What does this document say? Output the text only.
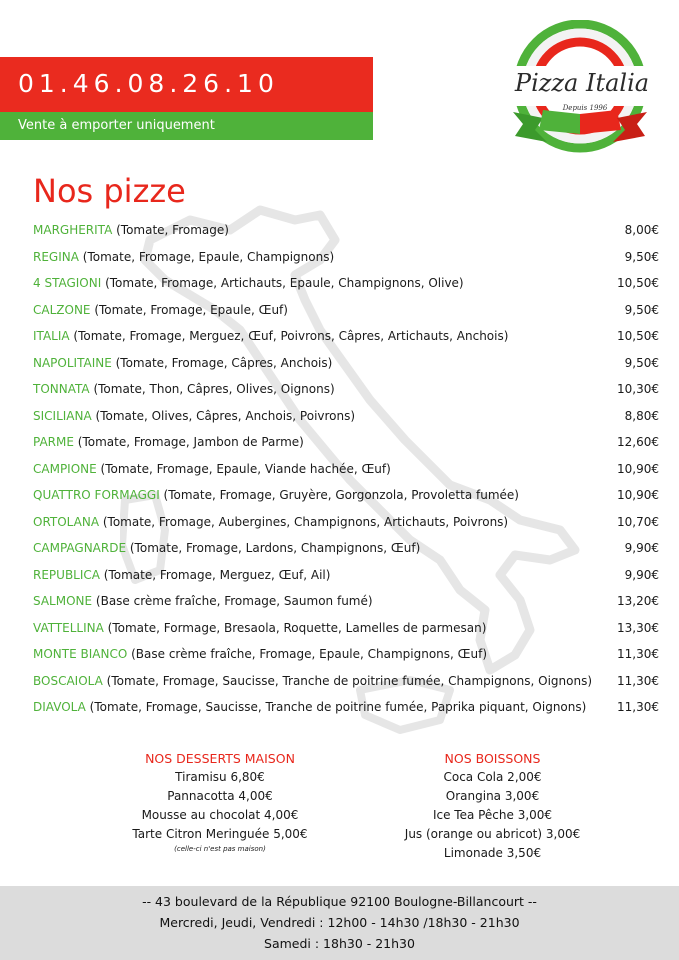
01.46.08.26.10
Vente à emporter uniquement
Pizza Italia
Depuis 1996
Nos pizze
MARGHERITA (Tomate, Fromage)	8,00€
REGINA (Tomate, Fromage, Epaule, Champignons)	9,50€
4 STAGIONI (Tomate, Fromage, Artichauts, Epaule, Champignons, Olive)	10,50€
CALZONE (Tomate, Fromage, Epaule, Œuf)	9,50€
ITALIA (Tomate, Fromage, Merguez, Œuf, Poivrons, Câpres, Artichauts, Anchois)	10,50€
NAPOLITAINE (Tomate, Fromage, Câpres, Anchois)	9,50€
TONNATA (Tomate, Thon, Câpres, Olives, Oignons)	10,30€
SICILIANA (Tomate, Olives, Câpres, Anchois, Poivrons)	8,80€
PARME (Tomate, Fromage, Jambon de Parme)	12,60€
CAMPIONE (Tomate, Fromage, Epaule, Viande hachée, Œuf)	10,90€
QUATTRO FORMAGGI (Tomate, Fromage, Gruyère, Gorgonzola, Provoletta fumée)	10,90€
ORTOLANA (Tomate, Fromage, Aubergines, Champignons, Artichauts, Poivrons)	10,70€
CAMPAGNARDE (Tomate, Fromage, Lardons, Champignons, Œuf)	9,90€
REPUBLICA (Tomate, Fromage, Merguez, Œuf, Ail)	9,90€
SALMONE (Base crème fraîche, Fromage, Saumon fumé)	13,20€
VATTELLINA (Tomate, Formage, Bresaola, Roquette, Lamelles de parmesan)	13,30€
MONTE BIANCO (Base crème fraîche, Fromage, Epaule, Champignons, Œuf)	11,30€
BOSCAIOLA (Tomate, Fromage, Saucisse, Tranche de poitrine fumée, Champignons, Oignons) 11,30€
DIAVOLA (Tomate, Fromage, Saucisse, Tranche de poitrine fumée, Paprika piquant, Oignons)	11,30€
NOS DESSERTS MAISON
Tiramisu 6,80€
Pannacotta 4,00€
Mousse au chocolat 4,00€
Tarte Citron Meringuée 5,00€
(celle-ci n'est pas maison)
NOS BOISSONS
Coca Cola 2,00€
Orangina 3,00€
Ice Tea Pêche 3,00€
Jus (orange ou abricot) 3,00€
Limonade 3,50€
-- 43 boulevard de la République 92100 Boulogne-Billancourt --
Mercredi, Jeudi, Vendredi : 12h00 - 14h30 /18h30 - 21h30
Samedi : 18h30 - 21h30
